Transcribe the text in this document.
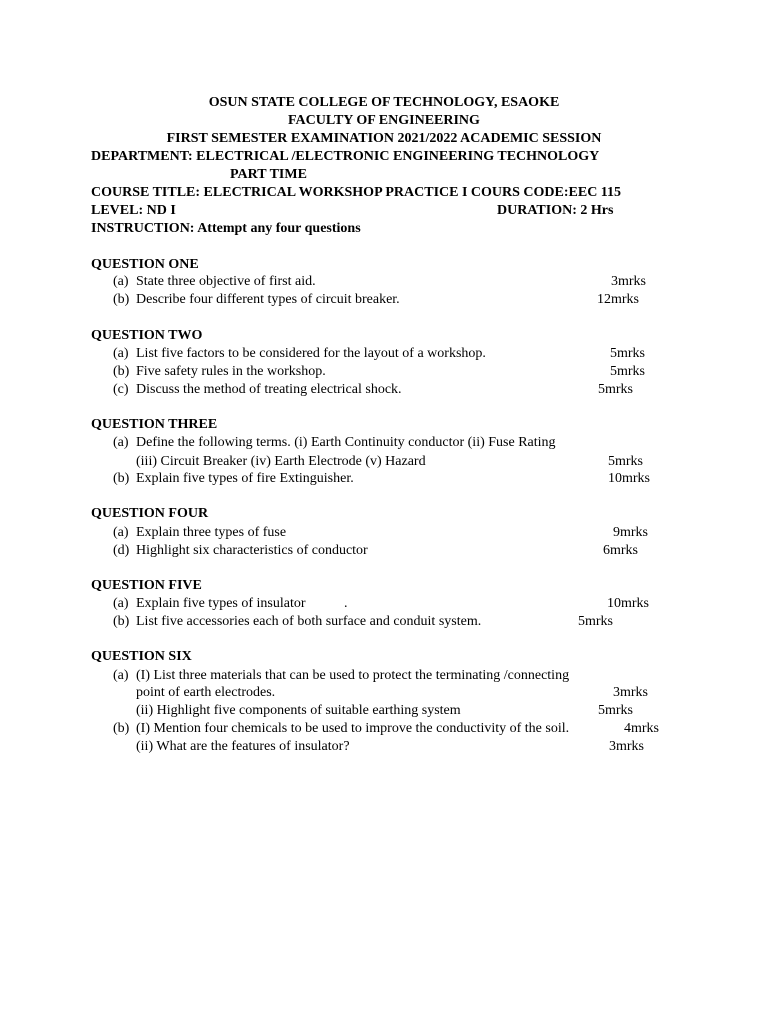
OSUN STATE COLLEGE OF TECHNOLOGY, ESAOKE
FACULTY OF ENGINEERING
FIRST SEMESTER EXAMINATION 2021/2022 ACADEMIC SESSION
DEPARTMENT: ELECTRICAL /ELECTRONIC ENGINEERING TECHNOLOGY
PART TIME
COURSE TITLE: ELECTRICAL WORKSHOP PRACTICE I COURS CODE:EEC 115
LEVEL: ND I	DURATION: 2 Hrs
INSTRUCTION: Attempt any four questions
QUESTION ONE
(a) State three objective of first aid.	3mrks
(b) Describe four different types of circuit breaker.	12mrks
QUESTION TWO
(a) List five factors to be considered for the layout of a workshop.	5mrks
(b) Five safety rules in the workshop.	5mrks
(c) Discuss the method of treating electrical shock.	5mrks
QUESTION THREE
(a) Define the following terms. (i) Earth Continuity conductor (ii) Fuse Rating
(iii) Circuit Breaker (iv) Earth Electrode (v) Hazard	5mrks
(b) Explain five types of fire Extinguisher.	10mrks
QUESTION FOUR
(a) Explain three types of fuse	9mrks
(d) Highlight six characteristics of conductor	6mrks
QUESTION FIVE
(a) Explain five types of insulator	.	10mrks
(b) List five accessories each of both surface and conduit system.	5mrks
QUESTION SIX
(a) (I) List three materials that can be used to protect the terminating /connecting
point of earth electrodes.	3mrks
(ii) Highlight five components of suitable earthing system	5mrks
(b) (I) Mention four chemicals to be used to improve the conductivity of the soil.	4mrks
(ii) What are the features of insulator?	3mrks
